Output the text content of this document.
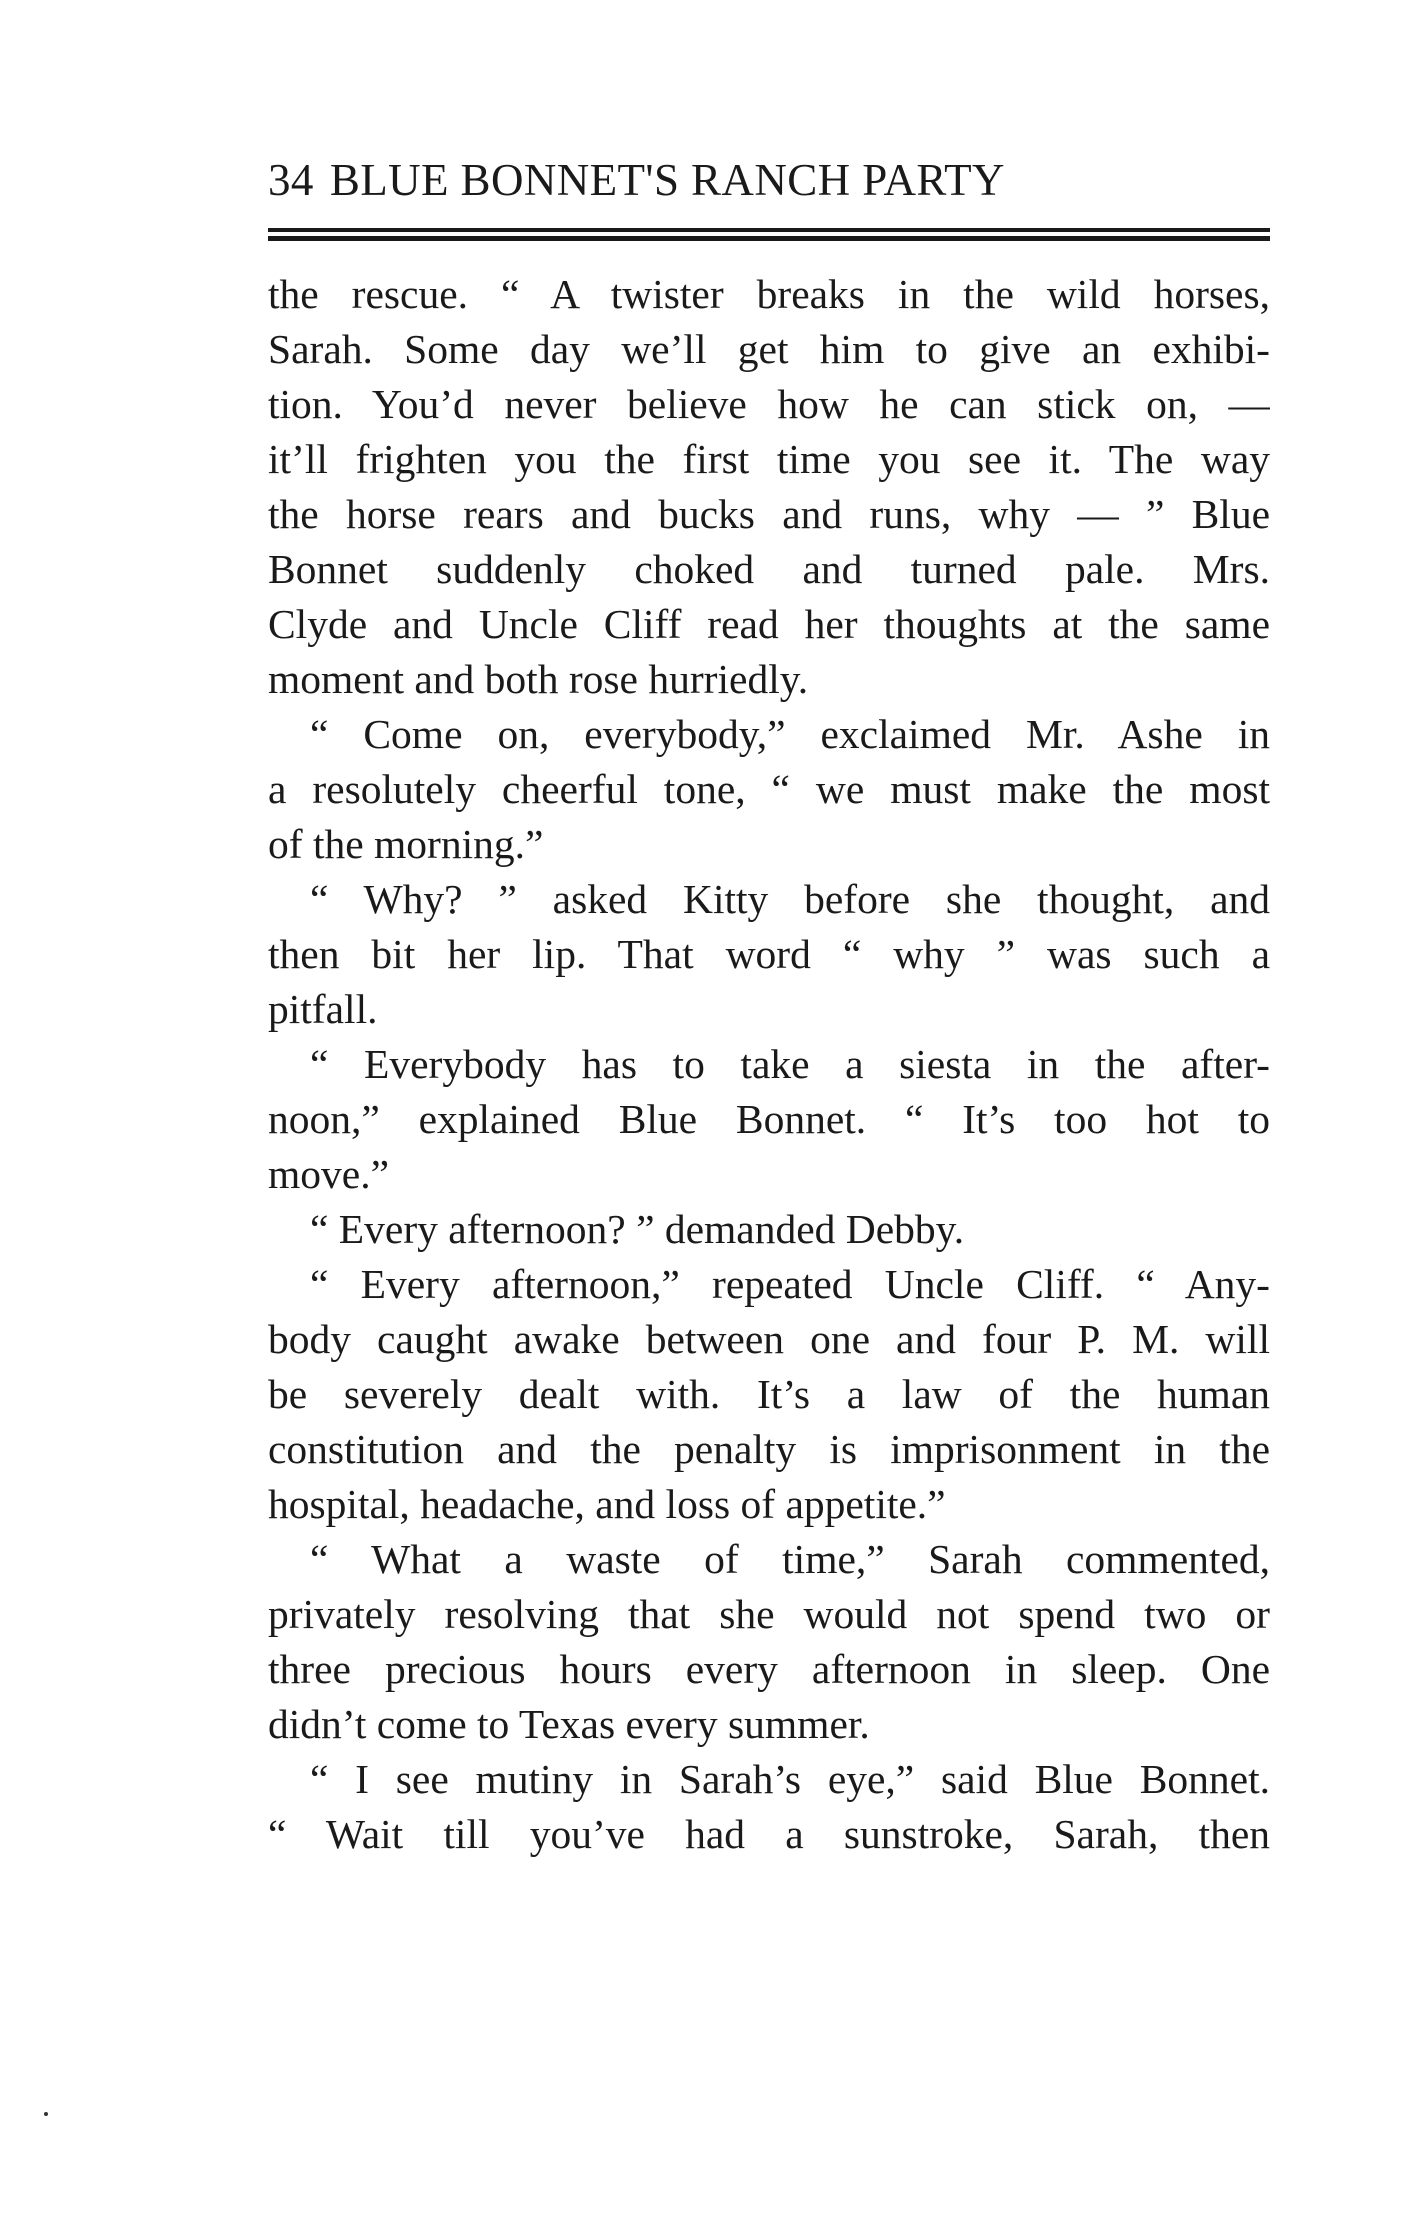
34 BLUE BONNET'S RANCH PARTY
the rescue. “ A twister breaks in the wild horses,
Sarah. Some day we’ll get him to give an exhibi-
tion. You’d never believe how he can stick on, —
it’ll frighten you the first time you see it. The way
the horse rears and bucks and runs, why — ” Blue
Bonnet suddenly choked and turned pale. Mrs.
Clyde and Uncle Cliff read her thoughts at the same
moment and both rose hurriedly.
“ Come on, everybody,” exclaimed Mr. Ashe in
a resolutely cheerful tone, “ we must make the most
of the morning.”
“ Why? ” asked Kitty before she thought, and
then bit her lip. That word “ why ” was such a
pitfall.
“ Everybody has to take a siesta in the after-
noon,” explained Blue Bonnet. “ It’s too hot to
move.”
“ Every afternoon? ” demanded Debby.
“ Every afternoon,” repeated Uncle Cliff. “ Any-
body caught awake between one and four P. M. will
be severely dealt with. It’s a law of the human
constitution and the penalty is imprisonment in the
hospital, headache, and loss of appetite.”
“ What a waste of time,” Sarah commented,
privately resolving that she would not spend two or
three precious hours every afternoon in sleep. One
didn’t come to Texas every summer.
“ I see mutiny in Sarah’s eye,” said Blue Bonnet.
“ Wait till you’ve had a sunstroke, Sarah, then
